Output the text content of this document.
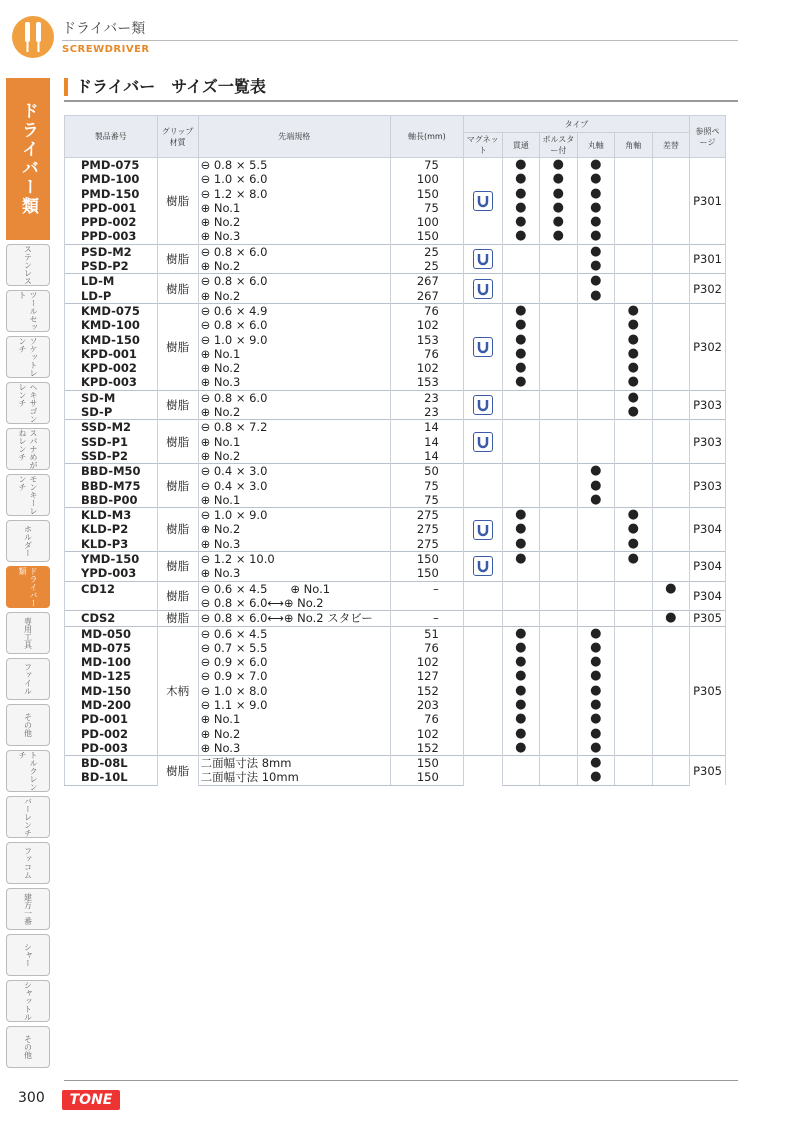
ドライバー類
SCREWDRIVER
ドライバー　サイズ一覧表
ドライバー類
ステンレス
ツールセット
ソケットレンチ
ヘキサゴンレンチ
スパナめがねレンチ
モンキーレンチ
ホルダー
ドライバー類
専用工具
ファイル
その他
トルクレンチ
バーレンチ
ファコム
建方一番
シャー
シャットル
その他
製品番号	グリップ材質	先端規格	軸長(mm)	タイプ						参照ページ
				マグネット	貫通	ボルスター付	丸軸	角軸	差替	
PMD-075	樹脂	⊖ 0.8 × 5.5	75		●	●	●			P301
PMD-100		⊖ 1.0 × 6.0	100		●	●	●			
PMD-150		⊖ 1.2 × 8.0	150		●	●	●			
PPD-001		⊕ No.1	75		●	●	●			
PPD-002		⊕ No.2	100		●	●	●			
PPD-003		⊕ No.3	150		●	●	●			
PSD-M2	樹脂	⊖ 0.8 × 6.0	25				●			P301
PSD-P2		⊕ No.2	25				●			
LD-M	樹脂	⊖ 0.8 × 6.0	267				●			P302
LD-P		⊕ No.2	267				●			
KMD-075	樹脂	⊖ 0.6 × 4.9	76		●			●		P302
KMD-100		⊖ 0.8 × 6.0	102		●			●		
KMD-150		⊖ 1.0 × 9.0	153		●			●		
KPD-001		⊕ No.1	76		●			●		
KPD-002		⊕ No.2	102		●			●		
KPD-003		⊕ No.3	153		●			●		
SD-M	樹脂	⊖ 0.8 × 6.0	23					●		P303
SD-P		⊕ No.2	23					●		
SSD-M2	樹脂	⊖ 0.8 × 7.2	14							P303
SSD-P1		⊕ No.1	14							
SSD-P2		⊕ No.2	14							
BBD-M50	樹脂	⊖ 0.4 × 3.0	50				●			P303
BBD-M75		⊖ 0.4 × 3.0	75				●			
BBD-P00		⊕ No.1	75				●			
KLD-M3	樹脂	⊖ 1.0 × 9.0	275		●			●		P304
KLD-P2		⊕ No.2	275		●			●		
KLD-P3		⊕ No.3	275		●			●		
YMD-150	樹脂	⊖ 1.2 × 10.0	150		●			●		P304
YPD-003		⊕ No.3	150							
CD12	樹脂	⊖ 0.6 × 4.5　　⊕ No.1	–						●	P304
		⊖ 0.8 × 6.0⟷⊕ No.2								
CDS2	樹脂	⊖ 0.8 × 6.0⟷⊕ No.2 スタビー	–						●	P305
MD-050	木柄	⊖ 0.6 × 4.5	51		●		●			P305
MD-075		⊖ 0.7 × 5.5	76		●		●			
MD-100		⊖ 0.9 × 6.0	102		●		●			
MD-125		⊖ 0.9 × 7.0	127		●		●			
MD-150		⊖ 1.0 × 8.0	152		●		●			
MD-200		⊖ 1.1 × 9.0	203		●		●			
PD-001		⊕ No.1	76		●		●			
PD-002		⊕ No.2	102		●		●			
PD-003		⊕ No.3	152		●		●			
BD-08L	樹脂	二面幅寸法 8mm	150				●			P305
BD-10L		二面幅寸法 10mm	150				●			
300	TONE
